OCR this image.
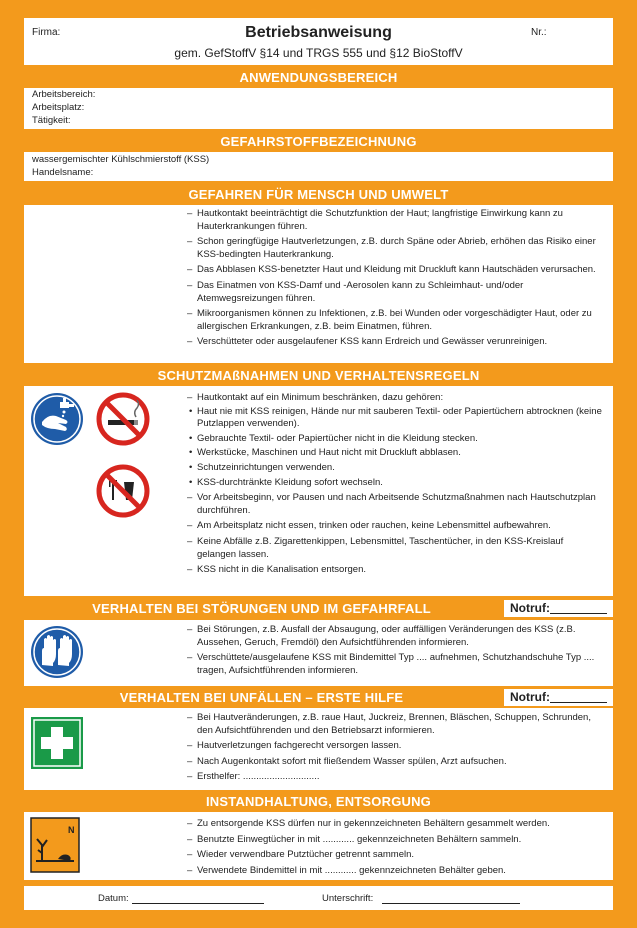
Firma:	Betriebsanweisung	Nr.:
gem. GefStoffV §14 und TRGS 555 und §12 BioStoffV
ANWENDUNGSBEREICH
Arbeitsbereich:
Arbeitsplatz:
Tätigkeit:
GEFAHRSTOFFBEZEICHNUNG
wassergemischter Kühlschmierstoff (KSS)
Handelsname:
GEFAHREN FÜR MENSCH UND UMWELT
– Hautkontakt beeinträchtigt die Schutzfunktion der Haut; langfristige Einwirkung kann zu Hauterkrankungen führen.
– Schon geringfügige Hautverletzungen, z.B. durch Späne oder Abrieb, erhöhen das Risiko einer KSS-bedingten Hauterkrankung.
– Das Abblasen KSS-benetzter Haut und Kleidung mit Druckluft kann Hautschäden verursachen.
– Das Einatmen von KSS-Damf und -Aerosolen kann zu Schleimhaut- und/oder Atemwegsreizungen führen.
– Mikroorganismen können zu Infektionen, z.B. bei Wunden oder vorgeschädigter Haut, oder zu allergischen Erkrankungen, z.B. beim Einatmen, führen.
– Verschütteter oder ausgelaufener KSS kann Erdreich und Gewässer verunreinigen.
SCHUTZMAßNAHMEN UND VERHALTENSREGELN
– Hautkontakt auf ein Minimum beschränken, dazu gehören:
• Haut nie mit KSS reinigen, Hände nur mit sauberen Textil- oder Papiertüchern abtrocknen (keine Putzlappen verwenden).
• Gebrauchte Textil- oder Papiertücher nicht in die Kleidung stecken.
• Werkstücke, Maschinen und Haut nicht mit Druckluft abblasen.
• Schutzeinrichtungen verwenden.
• KSS-durchtränkte Kleidung sofort wechseln.
– Vor Arbeitsbeginn, vor Pausen und nach Arbeitsende Schutzmaßnahmen nach Hautschutzplan durchführen.
– Am Arbeitsplatz nicht essen, trinken oder rauchen, keine Lebensmittel aufbewahren.
– Keine Abfälle z.B. Zigarettenkippen, Lebensmittel, Taschentücher, in den KSS-Kreislauf gelangen lassen.
– KSS nicht in die Kanalisation entsorgen.
VERHALTEN BEI STÖRUNGEN UND IM GEFAHRFALL	Notruf:
– Bei Störungen, z.B. Ausfall der Absaugung, oder auffälligen Veränderungen des KSS (z.B. Aussehen, Geruch, Fremdöl) den Aufsichtführenden informieren.
– Verschüttete/ausgelaufene KSS mit Bindemittel Typ .... aufnehmen, Schutzhandschuhe Typ .... tragen, Aufsichtführenden informieren.
VERHALTEN BEI UNFÄLLEN – ERSTE HILFE	Notruf:
– Bei Hautveränderungen, z.B. raue Haut, Juckreiz, Brennen, Bläschen, Schuppen, Schrunden, den Aufsichtführenden und den Betriebsarzt informieren.
– Hautverletzungen fachgerecht versorgen lassen.
– Nach Augenkontakt sofort mit fließendem Wasser spülen, Arzt aufsuchen.
– Ersthelfer: .............................
INSTANDHALTUNG, ENTSORGUNG
N
– Zu entsorgende KSS dürfen nur in gekennzeichneten Behältern gesammelt werden.
– Benutzte Einwegtücher in mit ............ gekennzeichneten Behältern sammeln.
– Wieder verwendbare Putztücher getrennt sammeln.
– Verwendete Bindemittel in mit ............ gekennzeichneten Behälter geben.
Datum:	Unterschrift:
